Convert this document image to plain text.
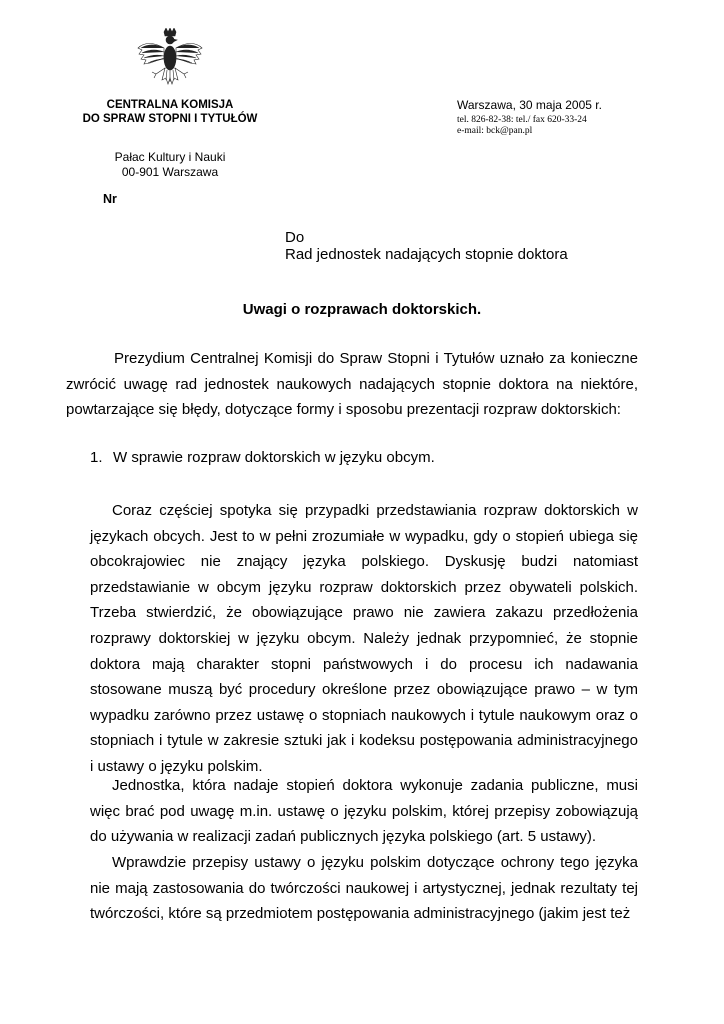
CENTRALNA KOMISJA
DO SPRAW STOPNI I TYTUŁÓW
Pałac Kultury i Nauki
00-901 Warszawa
Nr
Warszawa, 30 maja 2005 r.
tel. 826-82-38: tel./ fax 620-33-24
e-mail: bck@pan.pl
Do
Rad jednostek nadających stopnie doktora
Uwagi o rozprawach doktorskich.
Prezydium Centralnej Komisji do Spraw Stopni i Tytułów uznało za konieczne zwrócić uwagę rad jednostek naukowych nadających stopnie doktora na niektóre, powtarzające się błędy, dotyczące formy i sposobu prezentacji rozpraw doktorskich:
1. W sprawie rozpraw doktorskich w języku obcym.
Coraz częściej spotyka się przypadki przedstawiania rozpraw doktorskich w językach obcych. Jest to w pełni zrozumiałe w wypadku, gdy o stopień ubiega się obcokrajowiec nie znający języka polskiego. Dyskusję budzi natomiast przedstawianie w obcym języku rozpraw doktorskich przez obywateli polskich. Trzeba stwierdzić, że obowiązujące prawo nie zawiera zakazu przedłożenia rozprawy doktorskiej w języku obcym. Należy jednak przypomnieć, że stopnie doktora mają charakter stopni państwowych i do procesu ich nadawania stosowane muszą być procedury określone przez obowiązujące prawo – w tym wypadku zarówno przez ustawę o stopniach naukowych i tytule naukowym oraz o stopniach i tytule w zakresie sztuki jak i kodeksu postępowania administracyjnego i ustawy o języku polskim.
Jednostka, która nadaje stopień doktora wykonuje zadania publiczne, musi więc brać pod uwagę m.in. ustawę o języku polskim, której przepisy zobowiązują do używania w realizacji zadań publicznych języka polskiego (art. 5 ustawy).
Wprawdzie przepisy ustawy o języku polskim dotyczące ochrony tego języka nie mają zastosowania do twórczości naukowej i artystycznej, jednak rezultaty tej twórczości, które są przedmiotem postępowania administracyjnego (jakim jest też
